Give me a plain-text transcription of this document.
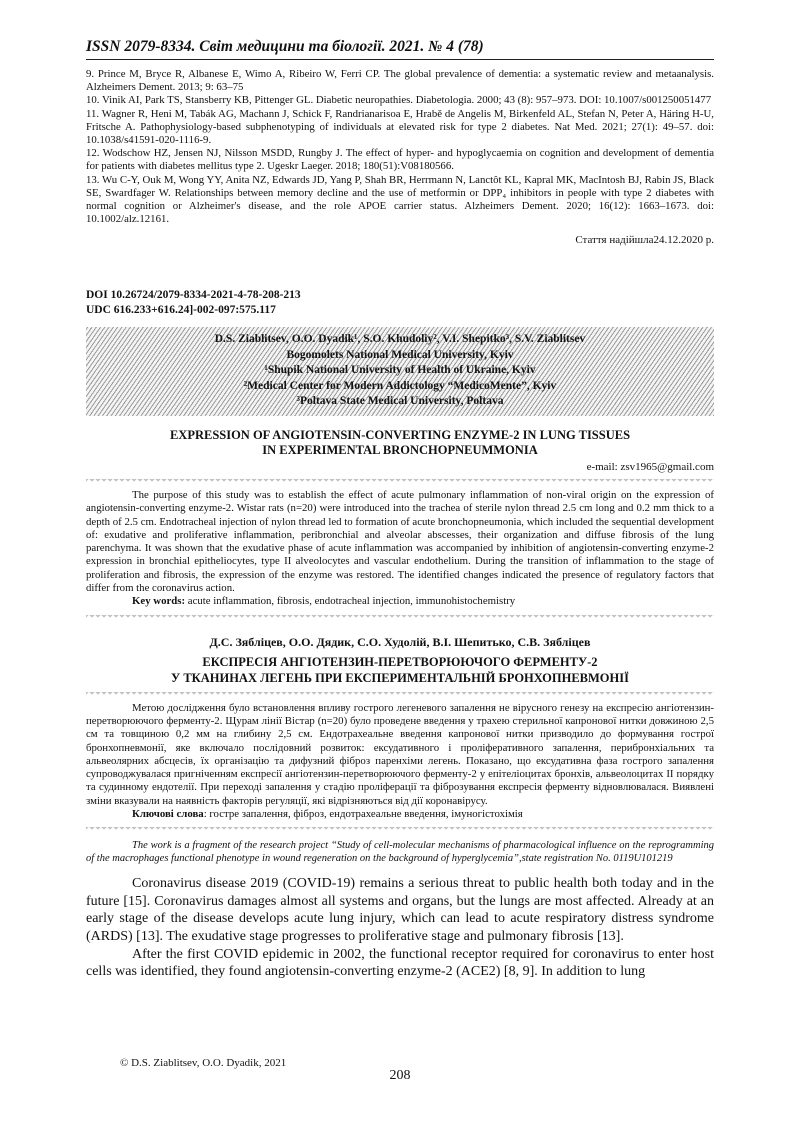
ISSN 2079-8334. Світ медицини та біології. 2021. № 4 (78)

9. Prince M, Bryce R, Albanese E, Wimo A, Ribeiro W, Ferri CP. The global prevalence of dementia: a systematic review and metaanalysis. Alzheimers Dement. 2013; 9: 63–75

10. Vinik AI, Park TS, Stansberry KB, Pittenger GL. Diabetic neuropathies. Diabetologia. 2000; 43 (8): 957–973. DOI: 10.1007/s001250051477

11. Wagner R, Heni M, Tabák AG, Machann J, Schick F, Randrianarisoa E, Hrabě de Angelis M, Birkenfeld AL, Stefan N, Peter A, Häring H-U, Fritsche A. Pathophysiology-based subphenotyping of individuals at elevated risk for type 2 diabetes. Nat Med. 2021; 27(1): 49–57. doi: 10.1038/s41591-020-1116-9.

12. Wodschow HZ, Jensen NJ, Nilsson MSDD, Rungby J. The effect of hyper- and hypoglycaemia on cognition and development of dementia for patients with diabetes mellitus type 2. Ugeskr Laeger. 2018; 180(51):V08180566.

13. Wu C-Y, Ouk M, Wong YY, Anita NZ, Edwards JD, Yang P, Shah BR, Herrmann N, Lanctôt KL, Kapral MK, MacIntosh BJ, Rabin JS, Black SE, Swardfager W. Relationships between memory decline and the use of metformin or DPP₄ inhibitors in people with type 2 diabetes with normal cognition or Alzheimer's disease, and the role APOE carrier status. Alzheimers Dement. 2020; 16(12): 1663–1673. doi: 10.1002/alz.12161.

Стаття надійшла24.12.2020 р.
DOI 10.26724/2079-8334-2021-4-78-208-213
UDC 616.233+616.24]-002-097:575.117
D.S. Ziablitsev, O.O. Dyadik¹, S.O. Khudoliy², V.I. Shepitko³, S.V. Ziablitsev
Bogomolets National Medical University, Kyiv
¹Shupik National University of Health of Ukraine, Kyiv
²Medical Center for Modern Addictology “MedicoMente”, Kyiv
³Poltava State Medical University, Poltava
EXPRESSION OF ANGIOTENSIN-CONVERTING ENZYME-2 IN LUNG TISSUES
IN EXPERIMENTAL BRONCHOPNEUMMONIA
e-mail: zsv1965@gmail.com

The purpose of this study was to establish the effect of acute pulmonary inflammation of non-viral origin on the expression of angiotensin-converting enzyme-2. Wistar rats (n=20) were introduced into the trachea of sterile nylon thread 2.5 cm long and 0.2 mm thick to a depth of 2.5 cm. Endotracheal injection of nylon thread led to formation of acute bronchopneumonia, which included the sequential development of: exudative and proliferative inflammation, peribronchial and alveolar abscesses, their organization and diffuse fibrosis of the lung parenchyma. It was shown that the exudative phase of acute inflammation was accompanied by inhibition of angiotensin-converting enzyme-2 expression in bronchial epitheliocytes, type II alveolocytes and vascular endothelium. During the transition of inflammation to the stage of proliferation and fibrosis, the expression of the enzyme was restored. The identified changes indicated the presence of regulatory factors that differ from the coronavirus action.

Key words: acute inflammation, fibrosis, endotracheal injection, immunohistochemistry

Д.С. Зябліцев, О.О. Дядик, С.О. Худолій, В.І. Шепитько, С.В. Зябліцев
ЕКСПРЕСІЯ АНГІОТЕНЗИН-ПЕРЕТВОРЮЮЧОГО ФЕРМЕНТУ-2
У ТКАНИНАХ ЛЕГЕНЬ ПРИ ЕКСПЕРИМЕНТАЛЬНІЙ БРОНХОПНЕВМОНІЇ

Метою дослідження було встановлення впливу гострого легеневого запалення не вірусного генезу на експресію ангіотензин-перетворюючого ферменту-2. Щурам лінії Вістар (n=20) було проведене введення у трахею стерильної капронової нитки довжиною 2,5 см та товщиною 0,2 мм на глибину 2,5 см. Ендотрахеальне введення капронової нитки призводило до формування гострої бронхопневмонії, яке включало послідовний розвиток: ексудативного і проліферативного запалення, перибронхіальних та альвеолярних абсцесів, їх організацію та дифузний фіброз паренхіми легень. Показано, що ексудативна фаза гострого запалення супроводжувалася пригніченням експресії ангіотензин-перетворюючого ферменту-2 у епітеліоцитах бронхів, альвеолоцитах II порядку та судинному ендотелії. При переході запалення у стадію проліферації та фіброзування експресія ферменту відновлювалася. Виявлені зміни вказували на наявність факторів регуляції, які відрізняються від дії коронавірусу.

Ключові слова: гостре запалення, фіброз, ендотрахеальне введення, імуногістохімія

The work is a fragment of the research project “Study of cell-molecular mechanisms of pharmacological influence on the reprogramming of the macrophages functional phenotype in wound regeneration on the background of hyperglycemia”,state registration No. 0119U101219

Coronavirus disease 2019 (COVID-19) remains a serious threat to public health both today and in the future [15]. Coronavirus damages almost all systems and organs, but the lungs are most affected. Already at an early stage of the disease develops acute lung injury, which can lead to acute respiratory distress syndrome (ARDS) [13]. The exudative stage progresses to proliferative stage and pulmonary fibrosis [13].

After the first COVID epidemic in 2002, the functional receptor required for coronavirus to enter host cells was identified, they found angiotensin-converting enzyme-2 (ACE2) [8, 9]. In addition to lung

© D.S. Ziablitsev, O.O. Dyadik, 2021
208
